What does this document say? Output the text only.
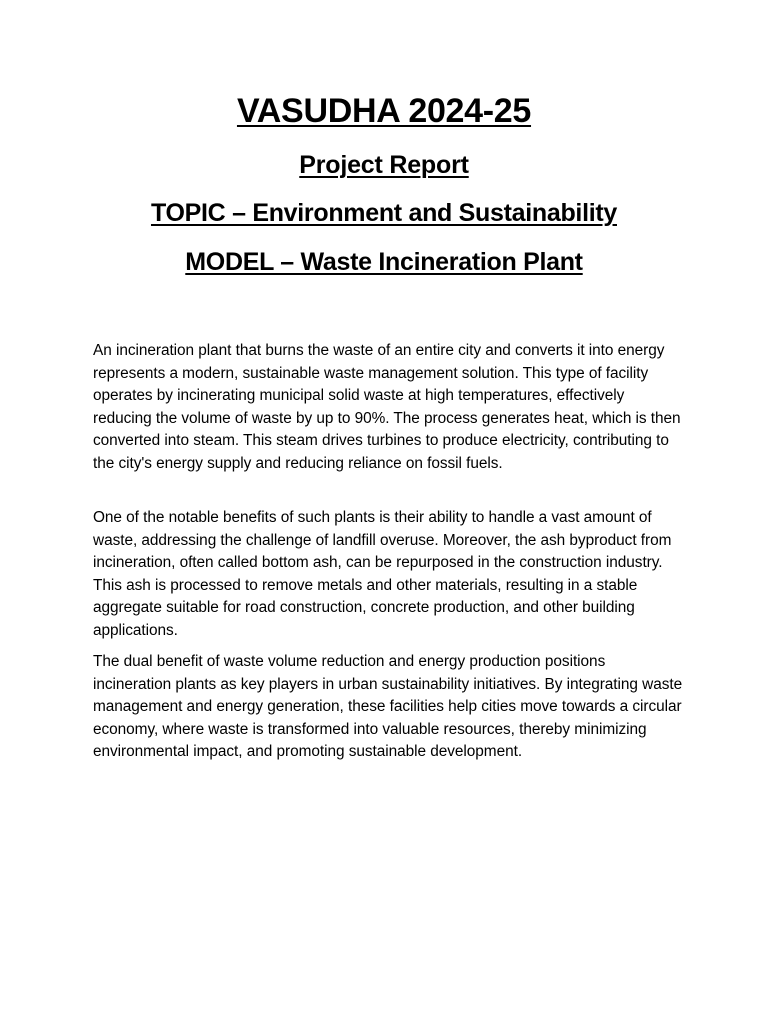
VASUDHA 2024-25
Project Report
TOPIC – Environment and Sustainability
MODEL – Waste Incineration Plant

An incineration plant that burns the waste of an entire city and converts it into energy represents a modern, sustainable waste management solution. This type of facility operates by incinerating municipal solid waste at high temperatures, effectively reducing the volume of waste by up to 90%. The process generates heat, which is then converted into steam. This steam drives turbines to produce electricity, contributing to the city's energy supply and reducing reliance on fossil fuels.

One of the notable benefits of such plants is their ability to handle a vast amount of waste, addressing the challenge of landfill overuse. Moreover, the ash byproduct from incineration, often called bottom ash, can be repurposed in the construction industry. This ash is processed to remove metals and other materials, resulting in a stable aggregate suitable for road construction, concrete production, and other building applications.

The dual benefit of waste volume reduction and energy production positions incineration plants as key players in urban sustainability initiatives. By integrating waste management and energy generation, these facilities help cities move towards a circular economy, where waste is transformed into valuable resources, thereby minimizing environmental impact, and promoting sustainable development.
